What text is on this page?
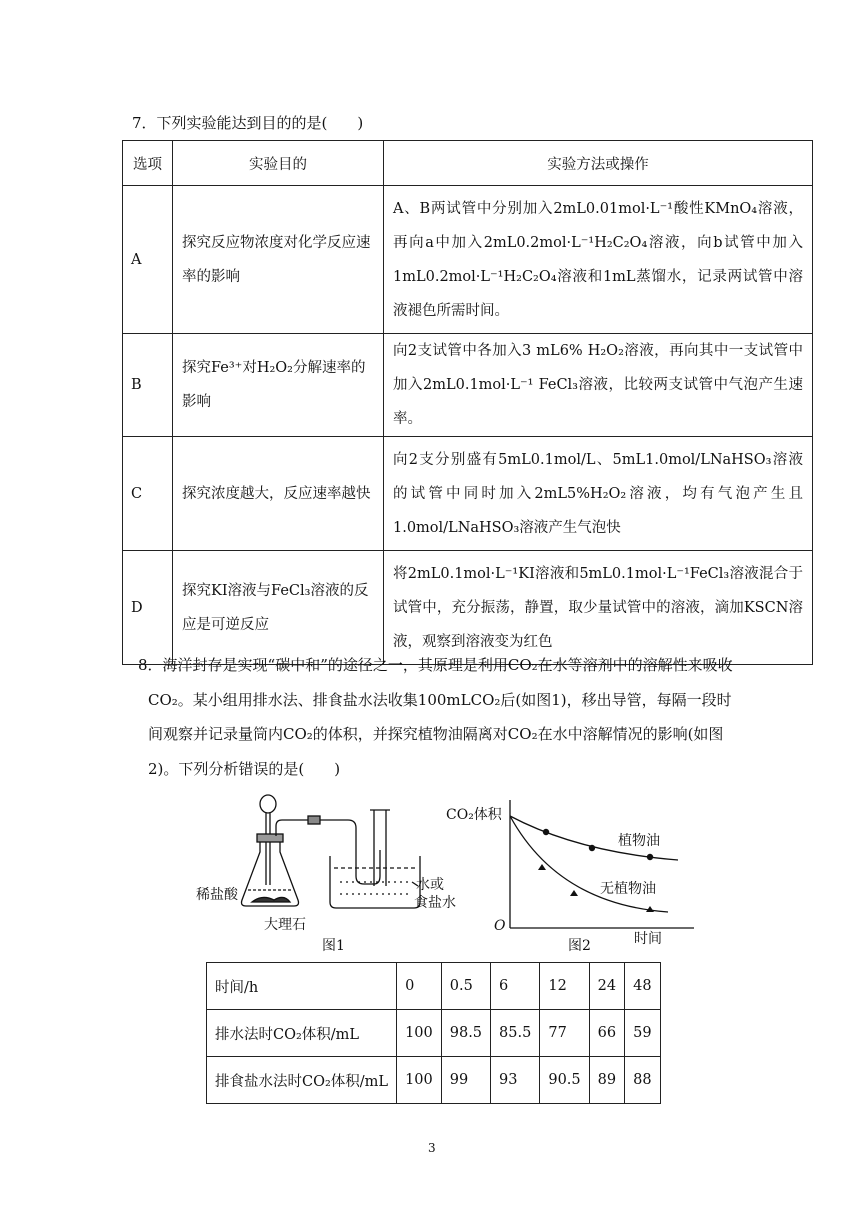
7．下列实验能达到目的的是(　　)
选项	实验目的	实验方法或操作
A	探究反应物浓度对化学反应速率的影响	A、B两试管中分别加入2mL0.01mol·L⁻¹酸性KMnO₄溶液，再向a中加入2mL0.2mol·L⁻¹H₂C₂O₄溶液，向b试管中加入1mL0.2mol·L⁻¹H₂C₂O₄溶液和1mL蒸馏水，记录两试管中溶液褪色所需时间。
B	探究Fe³⁺对H₂O₂分解速率的影响	向2支试管中各加入3 mL6% H₂O₂溶液，再向其中一支试管中加入2mL0.1mol·L⁻¹ FeCl₃溶液，比较两支试管中气泡产生速率。
C	探究浓度越大，反应速率越快	向2支分别盛有5mL0.1mol/L、5mL1.0mol/LNaHSO₃溶液的试管中同时加入2mL5%H₂O₂溶液，均有气泡产生且1.0mol/LNaHSO₃溶液产生气泡快
D	探究KI溶液与FeCl₃溶液的反应是可逆反应	将2mL0.1mol·L⁻¹KI溶液和5mL0.1mol·L⁻¹FeCl₃溶液混合于试管中，充分振荡，静置，取少量试管中的溶液，滴加KSCN溶液，观察到溶液变为红色

8．海洋封存是实现“碳中和”的途径之一，其原理是利用CO₂在水等溶剂中的溶解性来吸收

CO₂。某小组用排水法、排食盐水法收集100mLCO₂后(如图1)，移出导管，每隔一段时

间观察并记录量筒内CO₂的体积，并探究植物油隔离对CO₂在水中溶解情况的影响(如图

2)。下列分析错误的是(　　)

稀盐酸
大理石
水或
食盐水
图1
CO₂体积
植物油
无植物油
O
图2	时间
时间/h	0	0.5	6	12	24	48
排水法时CO₂体积/mL	100	98.5	85.5	77	66	59
排食盐水法时CO₂体积/mL	100	99	93	90.5	89	88
3
